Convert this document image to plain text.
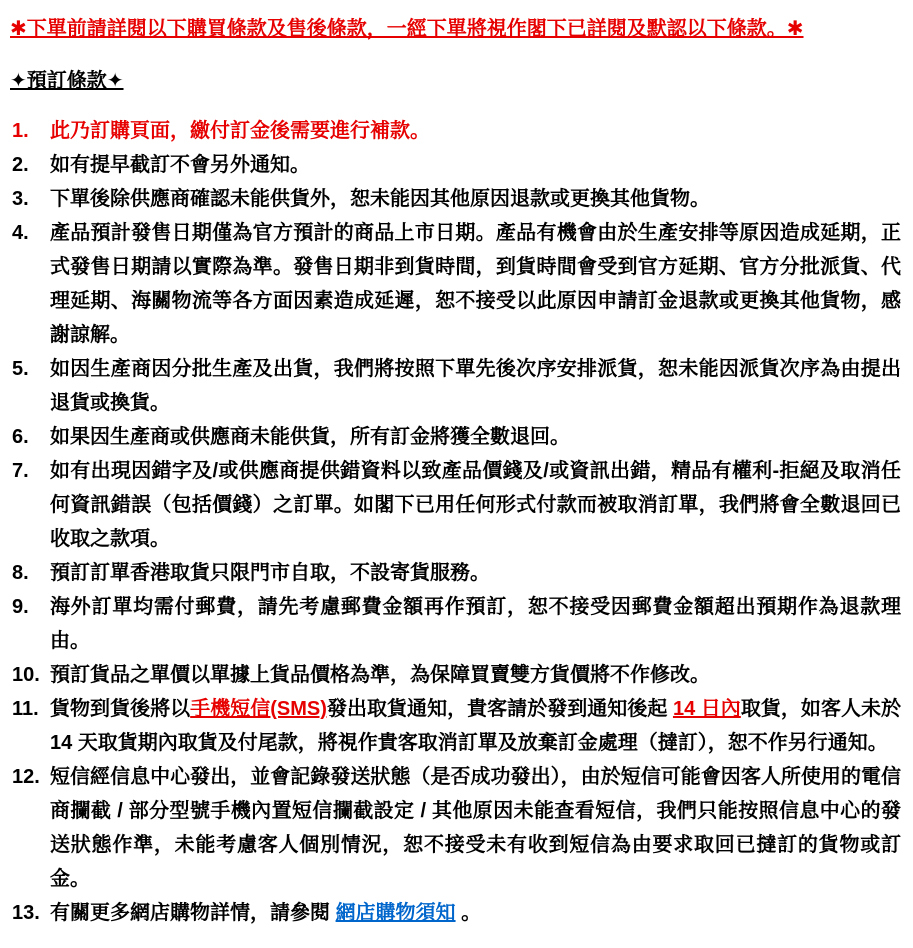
✱下單前請詳閱以下購買條款及售後條款，一經下單將視作閣下已詳閱及默認以下條款。✱
✦預訂條款✦
1. 此乃訂購頁面，繳付訂金後需要進行補款。
2. 如有提早截訂不會另外通知。
3. 下單後除供應商確認未能供貨外，恕未能因其他原因退款或更換其他貨物。
4. 產品預計發售日期僅為官方預計的商品上市日期。產品有機會由於生產安排等原因造成延期，正式發售日期請以實際為準。發售日期非到貨時間，到貨時間會受到官方延期、官方分批派貨、代理延期、海關物流等各方面因素造成延遲，恕不接受以此原因申請訂金退款或更換其他貨物，感謝諒解。
5. 如因生產商因分批生產及出貨，我們將按照下單先後次序安排派貨，恕未能因派貨次序為由提出退貨或換貨。
6. 如果因生產商或供應商未能供貨，所有訂金將獲全數退回。
7. 如有出現因錯字及/或供應商提供錯資料以致產品價錢及/或資訊出錯，精品有權利-拒絕及取消任何資訊錯誤（包括價錢）之訂單。如閣下已用任何形式付款而被取消訂單，我們將會全數退回已收取之款項。
8. 預訂訂單香港取貨只限門市自取，不設寄貨服務。
9. 海外訂單均需付郵費，請先考慮郵費金額再作預訂，恕不接受因郵費金額超出預期作為退款理由。
10. 預訂貨品之單價以單據上貨品價格為準，為保障買賣雙方貨價將不作修改。
11. 貨物到貨後將以手機短信(SMS)發出取貨通知，貴客請於發到通知後起 14 日內取貨，如客人未於 14 天取貨期內取貨及付尾款，將視作貴客取消訂單及放棄訂金處理（撻訂），恕不作另行通知。
12. 短信經信息中心發出，並會記錄發送狀態（是否成功發出），由於短信可能會因客人所使用的電信商攔截 / 部分型號手機內置短信攔截設定 / 其他原因未能查看短信，我們只能按照信息中心的發送狀態作準，未能考慮客人個別情況，恕不接受未有收到短信為由要求取回已撻訂的貨物或訂金。
13. 有關更多網店購物詳情，請參閱 網店購物須知 。
